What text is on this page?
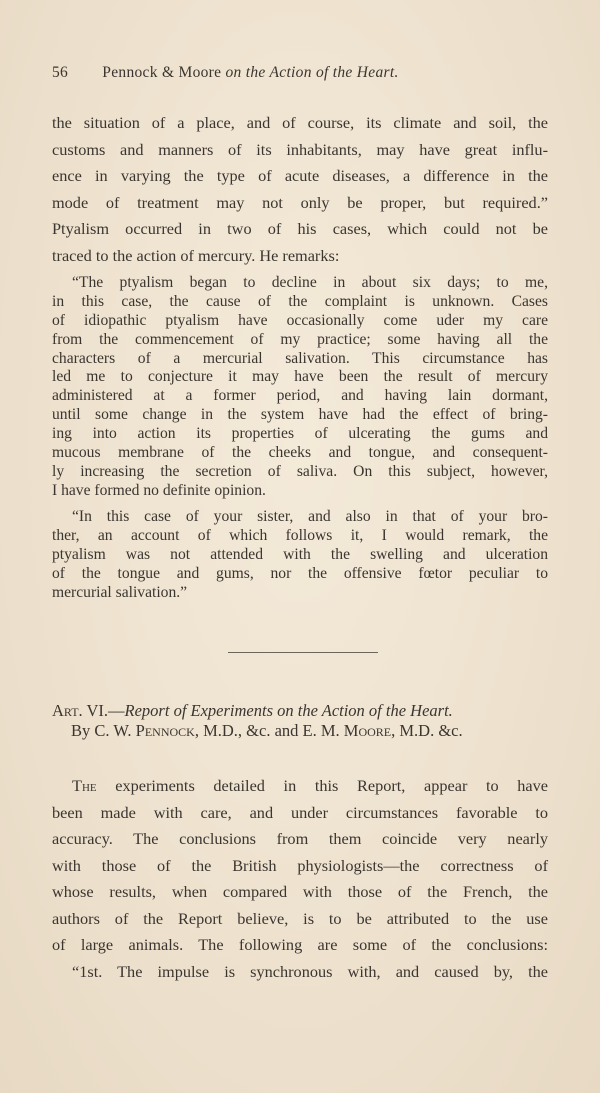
56 Pennock & Moore on the Action of the Heart.
the situation of a place, and of course, its climate and soil, the
customs and manners of its inhabitants, may have great influ-
ence in varying the type of acute diseases, a difference in the
mode of treatment may not only be proper, but required.”
Ptyalism occurred in two of his cases, which could not be
traced to the action of mercury. He remarks:
“The ptyalism began to decline in about six days; to me,
in this case, the cause of the complaint is unknown. Cases
of idiopathic ptyalism have occasionally come uder my care
from the commencement of my practice; some having all the
characters of a mercurial salivation. This circumstance has
led me to conjecture it may have been the result of mercury
administered at a former period, and having lain dormant,
until some change in the system have had the effect of bring-
ing into action its properties of ulcerating the gums and
mucous membrane of the cheeks and tongue, and consequent-
ly increasing the secretion of saliva. On this subject, however,
I have formed no definite opinion.
“In this case of your sister, and also in that of your bro-
ther, an account of which follows it, I would remark, the
ptyalism was not attended with the swelling and ulceration
of the tongue and gums, nor the offensive fœtor peculiar to
mercurial salivation.”
Art. VI.—Report of Experiments on the Action of the Heart.
By C. W. Pennock, M.D., &c. and E. M. Moore, M.D. &c.
The experiments detailed in this Report, appear to have
been made with care, and under circumstances favorable to
accuracy. The conclusions from them coincide very nearly
with those of the British physiologists—the correctness of
whose results, when compared with those of the French, the
authors of the Report believe, is to be attributed to the use
of large animals. The following are some of the conclusions:
“1st. The impulse is synchronous with, and caused by, the
